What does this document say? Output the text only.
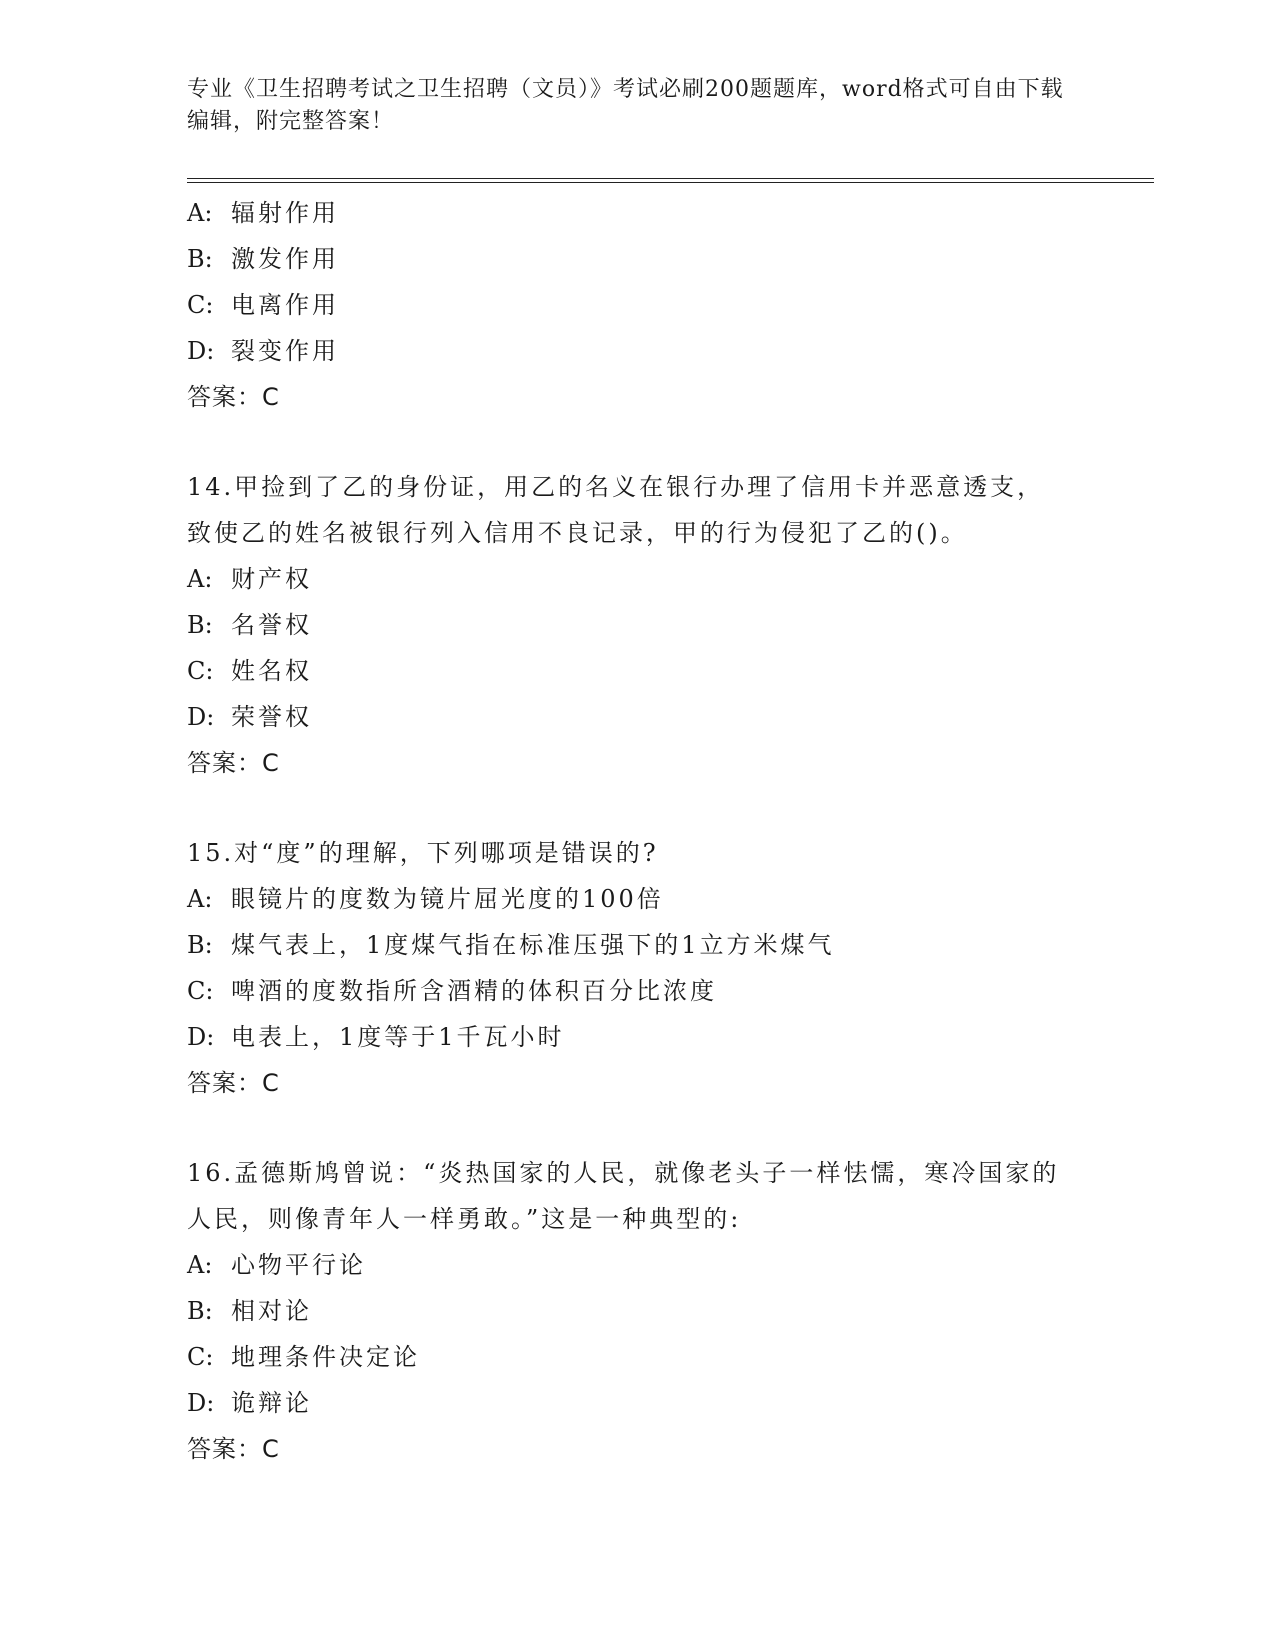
专业《卫生招聘考试之卫生招聘（文员）》考试必刷200题题库，word格式可自由下载编辑，附完整答案！
A: 辐射作用
B: 激发作用
C: 电离作用
D: 裂变作用
答案：C
14.甲捡到了乙的身份证，用乙的名义在银行办理了信用卡并恶意透支，致使乙的姓名被银行列入信用不良记录，甲的行为侵犯了乙的()。
A: 财产权
B: 名誉权
C: 姓名权
D: 荣誉权
答案：C
15.对“度”的理解，下列哪项是错误的?
A: 眼镜片的度数为镜片屈光度的100倍
B: 煤气表上，1度煤气指在标准压强下的1立方米煤气
C: 啤酒的度数指所含酒精的体积百分比浓度
D: 电表上，1度等于1千瓦小时
答案：C
16.孟德斯鸠曾说：“炎热国家的人民，就像老头子一样怯懦，寒冷国家的人民，则像青年人一样勇敢。”这是一种典型的:
A: 心物平行论
B: 相对论
C: 地理条件决定论
D: 诡辩论
答案：C
